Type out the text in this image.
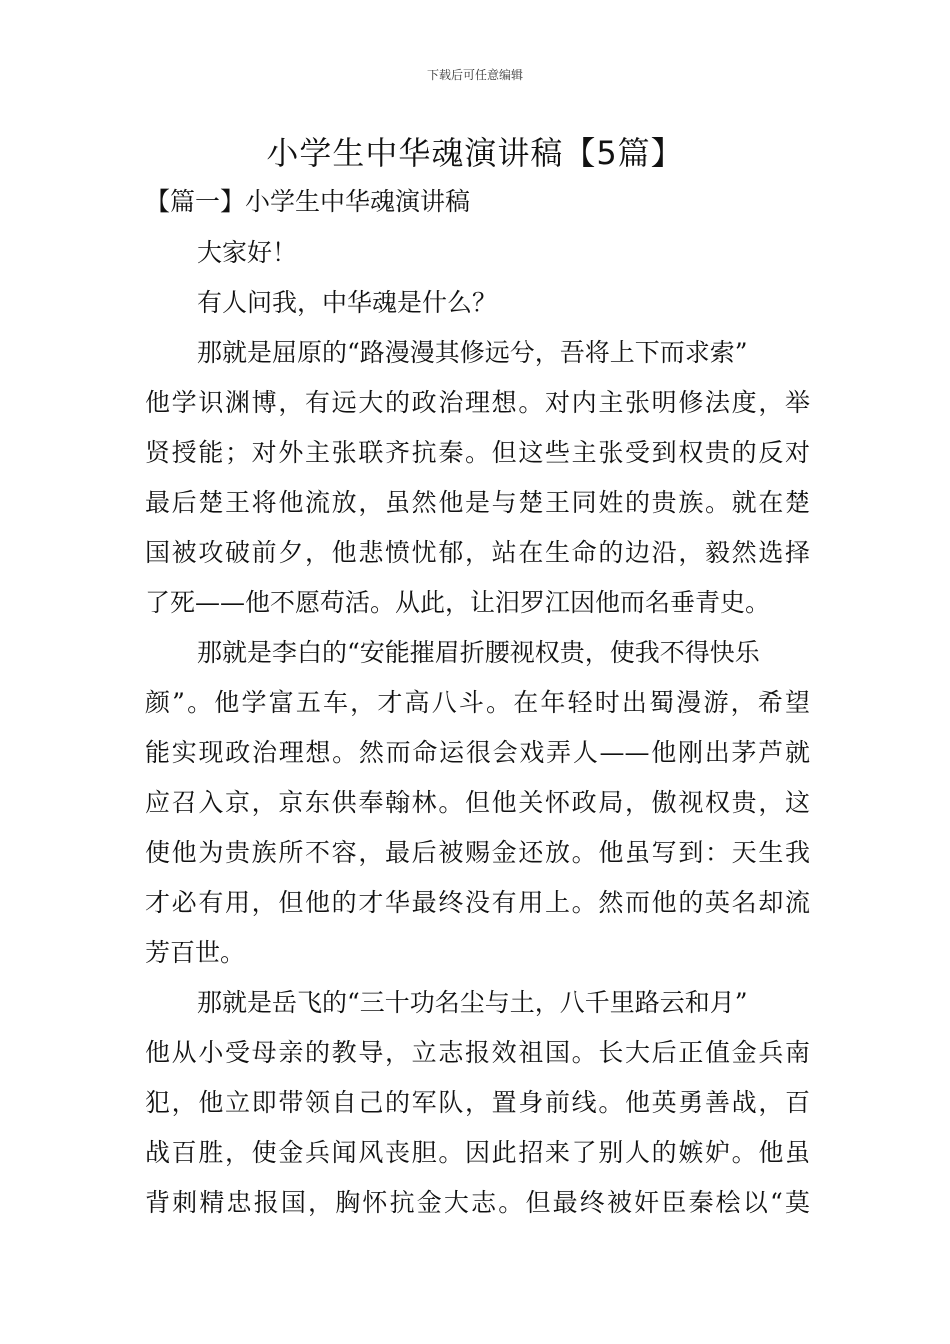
下载后可任意编辑
小学生中华魂演讲稿【5篇】
【篇一】小学生中华魂演讲稿
大家好！
有人问我，中华魂是什么？
那就是屈原的“路漫漫其修远兮，吾将上下而求索”
他学识渊博，有远大的政治理想。对内主张明修法度，举
贤授能；对外主张联齐抗秦。但这些主张受到权贵的反对
最后楚王将他流放，虽然他是与楚王同姓的贵族。就在楚
国被攻破前夕，他悲愤忧郁，站在生命的边沿，毅然选择
了死——他不愿苟活。从此，让汨罗江因他而名垂青史。
那就是李白的“安能摧眉折腰视权贵，使我不得快乐
颜”。他学富五车，才高八斗。在年轻时出蜀漫游，希望
能实现政治理想。然而命运很会戏弄人——他刚出茅芦就
应召入京，京东供奉翰林。但他关怀政局，傲视权贵，这
使他为贵族所不容，最后被赐金还放。他虽写到：天生我
才必有用，但他的才华最终没有用上。然而他的英名却流
芳百世。
那就是岳飞的“三十功名尘与土，八千里路云和月”
他从小受母亲的教导，立志报效祖国。长大后正值金兵南
犯，他立即带领自己的军队，置身前线。他英勇善战，百
战百胜，使金兵闻风丧胆。因此招来了别人的嫉妒。他虽
背刺精忠报国，胸怀抗金大志。但最终被奸臣秦桧以“莫
